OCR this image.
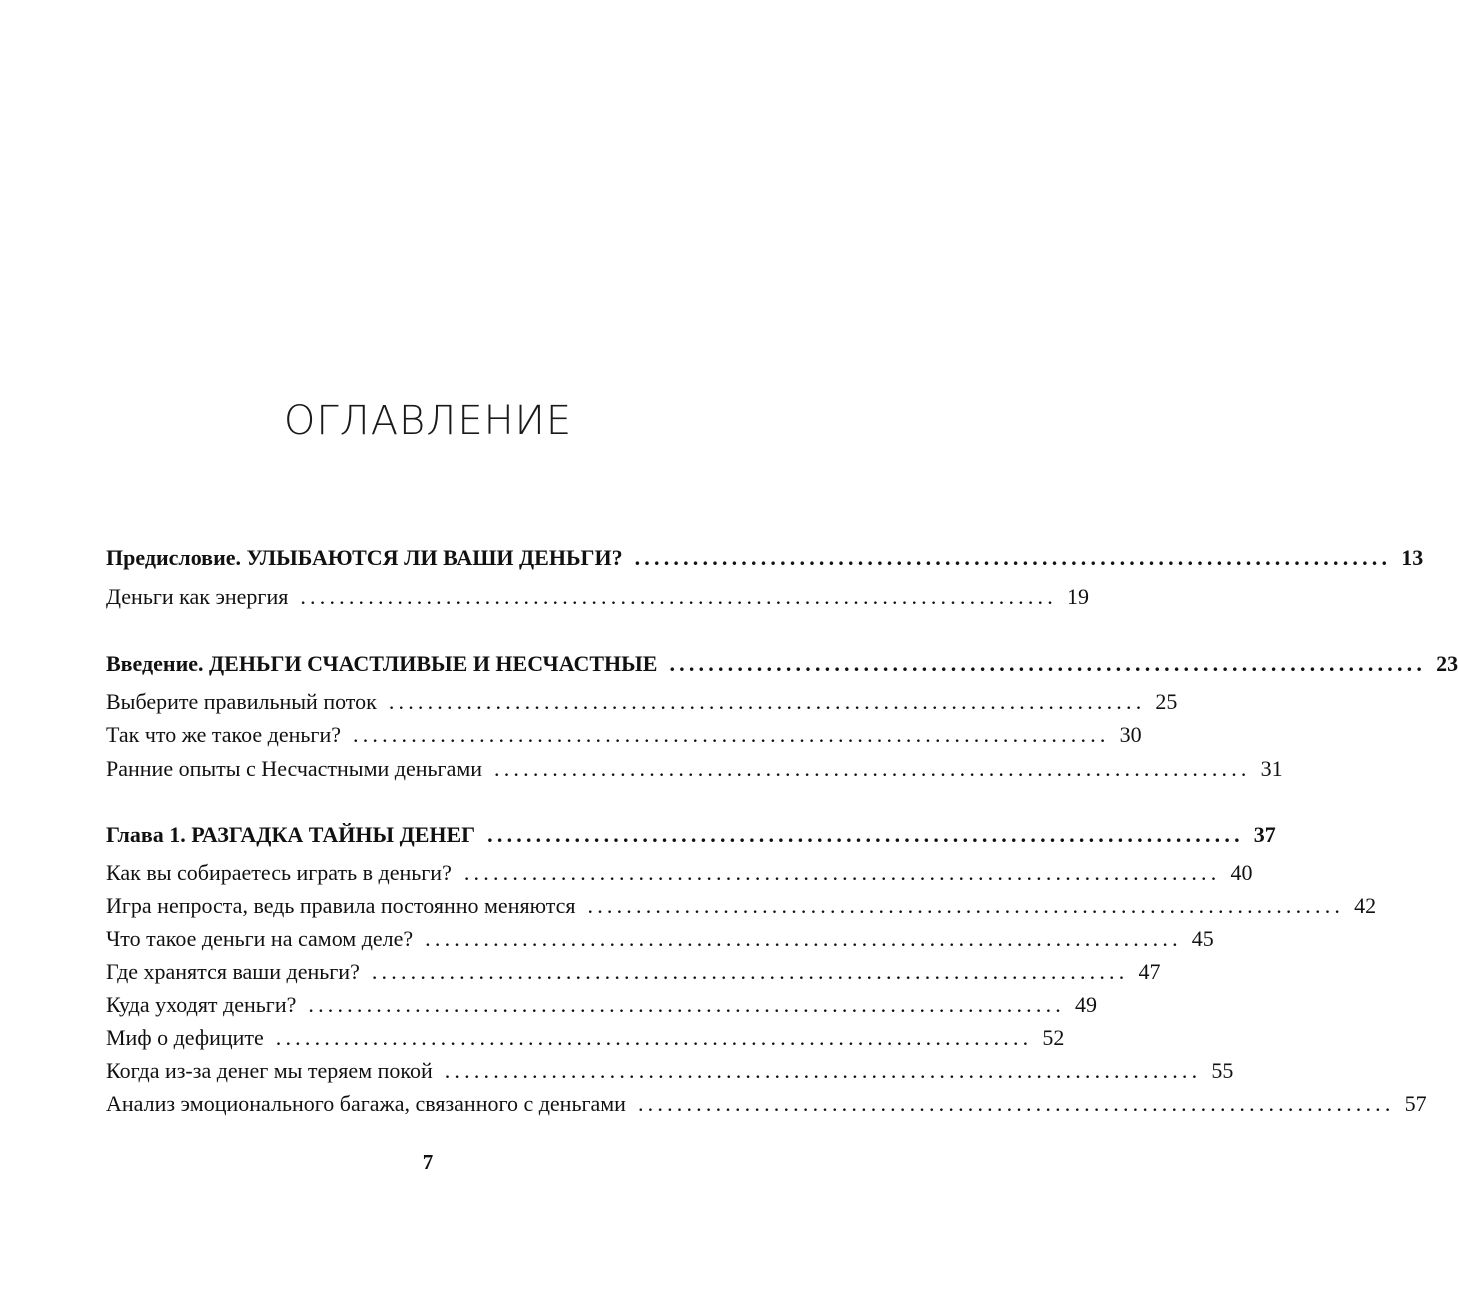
ОГЛАВЛЕНИЕ
Предисловие. УЛЫБАЮТСЯ ЛИ ВАШИ ДЕНЬГИ? .............................................................................. 13
Деньги как энергия .............................................................................. 19
Введение. ДЕНЬГИ СЧАСТЛИВЫЕ И НЕСЧАСТНЫЕ .............................................................................. 23
Выберите правильный поток .............................................................................. 25
Так что же такое деньги? .............................................................................. 30
Ранние опыты с Несчастными деньгами .............................................................................. 31
Глава 1. РАЗГАДКА ТАЙНЫ ДЕНЕГ .............................................................................. 37
Как вы собираетесь играть в деньги? .............................................................................. 40
Игра непроста, ведь правила постоянно меняются .............................................................................. 42
Что такое деньги на самом деле? .............................................................................. 45
Где хранятся ваши деньги? .............................................................................. 47
Куда уходят деньги? .............................................................................. 49
Миф о дефиците .............................................................................. 52
Когда из-за денег мы теряем покой .............................................................................. 55
Анализ эмоционального багажа, связанного с деньгами .............................................................................. 57
7
